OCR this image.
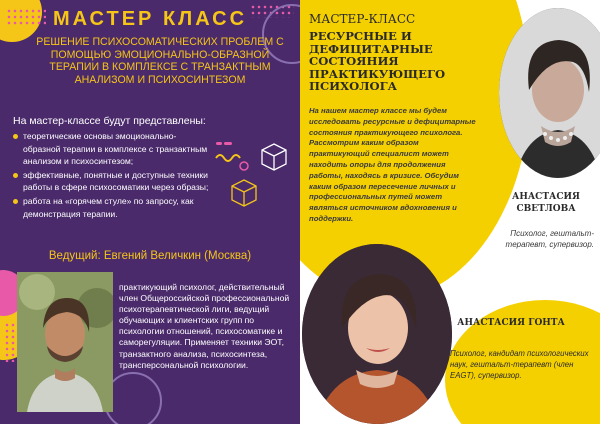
МАСТЕР КЛАСС
РЕШЕНИЕ ПСИХОСОМАТИЧЕСКИХ ПРОБЛЕМ С ПОМОЩЬЮ ЭМОЦИОНАЛЬНО-ОБРАЗНОЙ ТЕРАПИИ В КОМПЛЕКСЕ С ТРАНЗАКТНЫМ АНАЛИЗОМ И ПСИХОСИНТЕЗОМ
На мастер-классе будут представлены:
теоретические основы эмоционально-образной терапии в комплексе с транзактным анализом и психосинтезом;
эффективные, понятные и доступные техники работы в сфере психосоматики через образы;
работа на «горячем стуле» по запросу, как демонстрация терапии.
Ведущий: Евгений Величкин (Москва)
практикующий психолог, действительный член Общероссийской профессиональной психотерапевтической лиги, ведущий обучающих и клиентских групп по психологии отношений, психосоматике и саморегуляции. Применяет техники ЭОТ, транзактного анализа, психосинтеза, трансперсональной психологии.
МАСТЕР-КЛАСС
РЕСУРСНЫЕ И ДЕФИЦИТАРНЫЕ СОСТОЯНИЯ ПРАКТИКУЮЩЕГО ПСИХОЛОГА
На нашем мастер классе мы будем исследовать ресурсные и дефицитарные состояния практикующего психолога. Рассмотрим каким образом практикующий специалист может находить опоры для продолжения работы, находясь в кризисе. Обсудим каким образом пересечение личных и профессиональных путей может являться источником вдохновения и поддержки.
АНАСТАСИЯ СВЕТЛОВА
Психолог, гештальт-терапевт, супервизор.
АНАСТАСИЯ ГОНТА
Психолог, кандидат психологических наук, гештальт-терапевт (член EAGT), супервизор.
